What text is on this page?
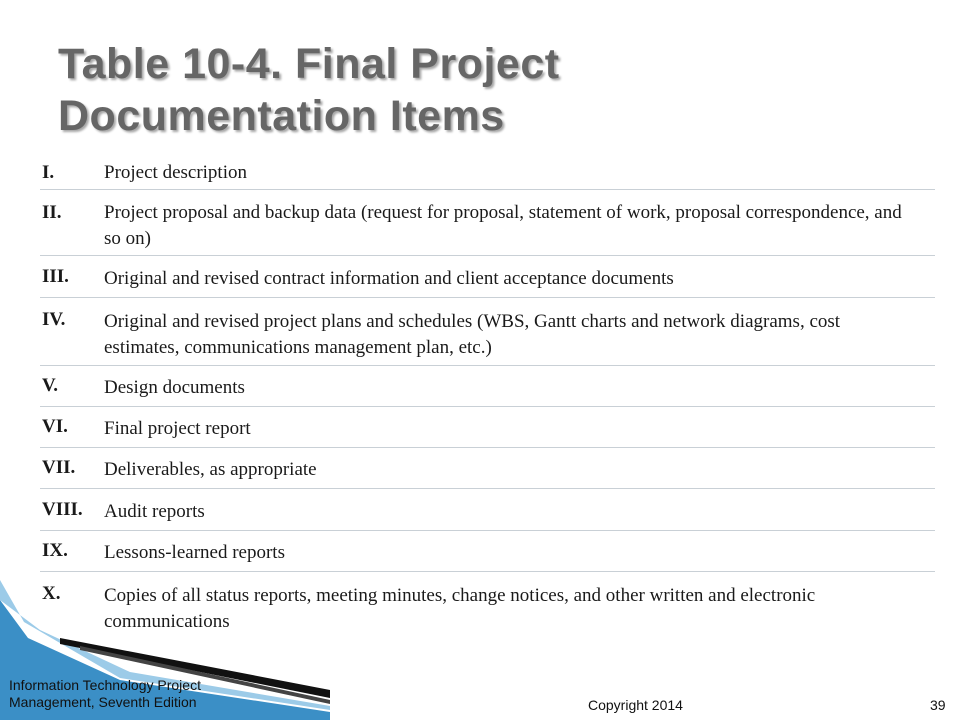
Table 10-4. Final Project
Documentation Items
I.	Project description
II.	Project proposal and backup data (request for proposal, statement of work, proposal correspondence, and so on)
III.	Original and revised contract information and client acceptance documents
IV.	Original and revised project plans and schedules (WBS, Gantt charts and network diagrams, cost estimates, communications management plan, etc.)
V.	Design documents
VI.	Final project report
VII.	Deliverables, as appropriate
VIII.	Audit reports
IX.	Lessons-learned reports
X.	Copies of all status reports, meeting minutes, change notices, and other written and electronic communications

Information Technology Project
Management, Seventh Edition	Copyright 2014	39
